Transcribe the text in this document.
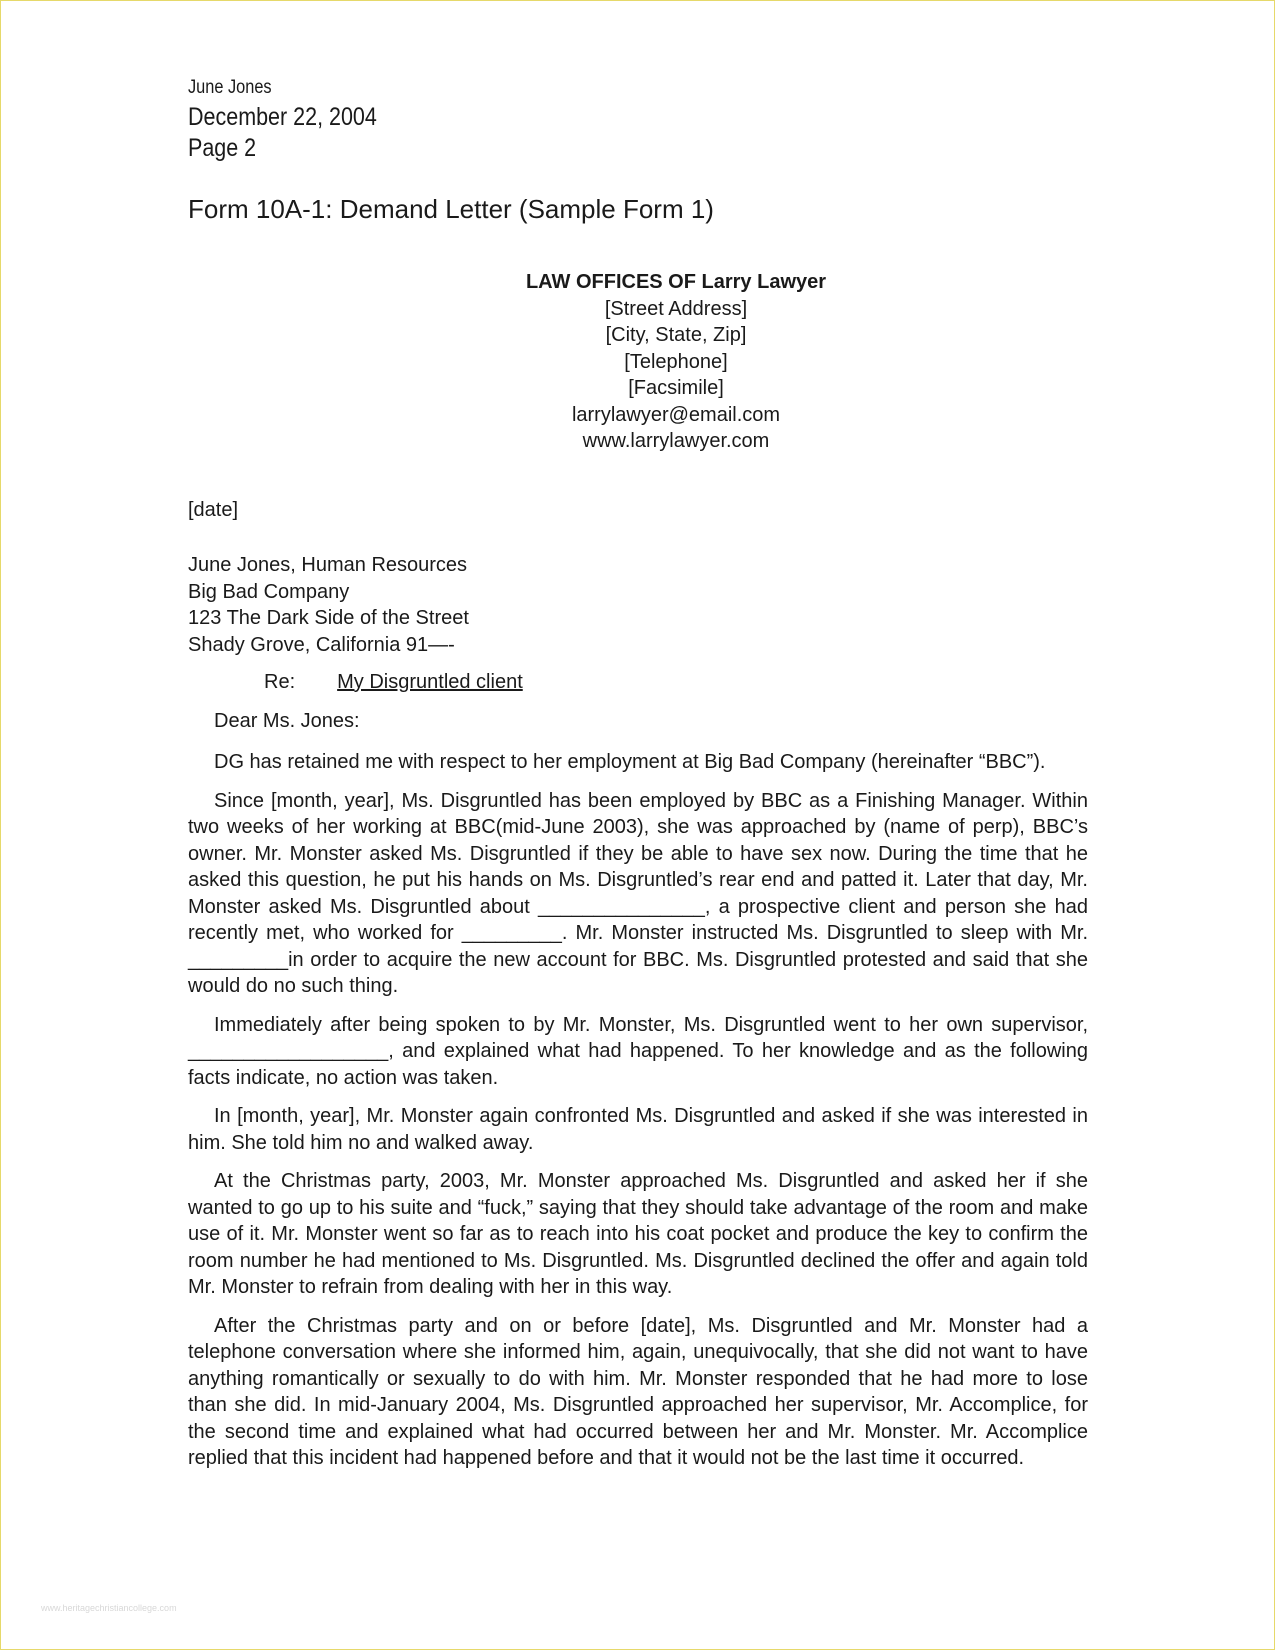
June Jones
December 22, 2004
Page 2
Form 10A-1: Demand Letter (Sample Form 1)
LAW OFFICES OF Larry Lawyer
[Street Address]
[City, State, Zip]
[Telephone]
[Facsimile]
larrylawyer@email.com
www.larrylawyer.com
[date]
June Jones, Human Resources
Big Bad Company
123 The Dark Side of the Street
Shady Grove, California 91—-
Re: My Disgruntled client
Dear Ms. Jones:

DG has retained me with respect to her employment at Big Bad Company (hereinafter “BBC”).

Since [month, year], Ms. Disgruntled has been employed by BBC as a Finishing Manager. Within two weeks of her working at BBC(mid-June 2003), she was approached by (name of perp), BBC’s owner. Mr. Monster asked Ms. Disgruntled if they be able to have sex now. During the time that he asked this question, he put his hands on Ms. Disgruntled’s rear end and patted it. Later that day, Mr. Monster asked Ms. Disgruntled about _______________, a prospective client and person she had recently met, who worked for _________. Mr. Monster instructed Ms. Disgruntled to sleep with Mr. _________in order to acquire the new account for BBC. Ms. Disgruntled protested and said that she would do no such thing.

Immediately after being spoken to by Mr. Monster, Ms. Disgruntled went to her own supervisor, __________________, and explained what had happened. To her knowledge and as the following facts indicate, no action was taken.

In [month, year], Mr. Monster again confronted Ms. Disgruntled and asked if she was interested in him. She told him no and walked away.

At the Christmas party, 2003, Mr. Monster approached Ms. Disgruntled and asked her if she wanted to go up to his suite and “fuck,” saying that they should take advantage of the room and make use of it. Mr. Monster went so far as to reach into his coat pocket and produce the key to confirm the room number he had mentioned to Ms. Disgruntled. Ms. Disgruntled declined the offer and again told Mr. Monster to refrain from dealing with her in this way.

After the Christmas party and on or before [date], Ms. Disgruntled and Mr. Monster had a telephone conversation where she informed him, again, unequivocally, that she did not want to have anything romantically or sexually to do with him. Mr. Monster responded that he had more to lose than she did. In mid-January 2004, Ms. Disgruntled approached her supervisor, Mr. Accomplice, for the second time and explained what had occurred between her and Mr. Monster. Mr. Accomplice replied that this incident had happened before and that it would not be the last time it occurred.

www.heritagechristiancollege.com
